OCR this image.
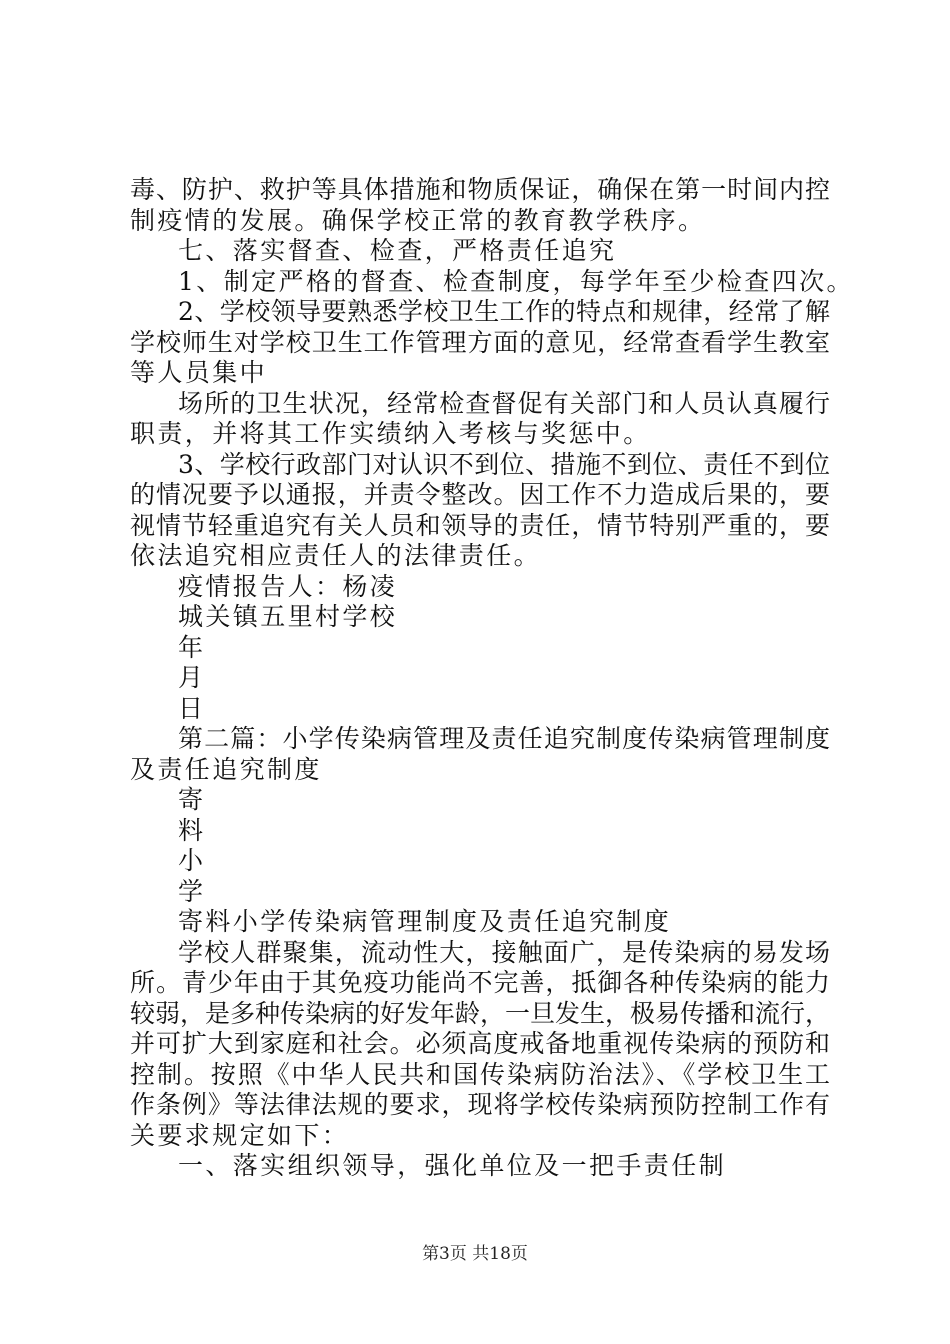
毒、防护、救护等具体措施和物质保证，确保在第一时间内控
制疫情的发展。确保学校正常的教育教学秩序。
七、落实督查、检查，严格责任追究
1、制定严格的督查、检查制度，每学年至少检查四次。
2、学校领导要熟悉学校卫生工作的特点和规律，经常了解
学校师生对学校卫生工作管理方面的意见，经常查看学生教室
等人员集中
场所的卫生状况，经常检查督促有关部门和人员认真履行
职责，并将其工作实绩纳入考核与奖惩中。
3、学校行政部门对认识不到位、措施不到位、责任不到位
的情况要予以通报，并责令整改。因工作不力造成后果的，要
视情节轻重追究有关人员和领导的责任，情节特别严重的，要
依法追究相应责任人的法律责任。
疫情报告人：杨凌
城关镇五里村学校
年
月
日
第二篇：小学传染病管理及责任追究制度传染病管理制度
及责任追究制度
寄
料
小
学
寄料小学传染病管理制度及责任追究制度
学校人群聚集，流动性大，接触面广，是传染病的易发场
所。青少年由于其免疫功能尚不完善，抵御各种传染病的能力
较弱，是多种传染病的好发年龄，一旦发生，极易传播和流行，
并可扩大到家庭和社会。必须高度戒备地重视传染病的预防和
控制。按照《中华人民共和国传染病防治法》、《学校卫生工
作条例》等法律法规的要求，现将学校传染病预防控制工作有
关要求规定如下：
一、落实组织领导，强化单位及一把手责任制
第3页 共18页
